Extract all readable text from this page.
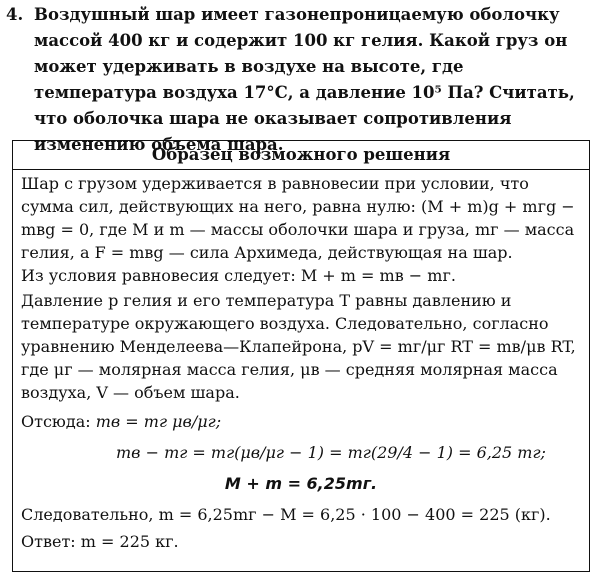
4. Воздушный шар имеет газонепроницаемую оболочку массой 400 кг и содержит 100 кг гелия. Какой груз он может удерживать в воздухе на высоте, где температура воздуха 17°С, а давление 10⁵ Па? Считать, что оболочка шара не оказывает сопротивления изменению объема шара.
Образец возможного решения

Шар с грузом удерживается в равновесии при условии, что сумма сил, действующих на него, равна нулю: (M + m)g + mгg − mвg = 0, где M и m — массы оболочки шара и груза, mг — масса гелия, а F = mвg — сила Архимеда, действующая на шар.

Из условия равновесия следует: M + m = mв − mг.

Давление p гелия и его температура T равны давлению и температуре окружающего воздуха. Следовательно, согласно уравнению Менделеева—Клапейрона, pV = mг/μг RT = mв/μв RT, где μг — молярная масса гелия, μв — средняя молярная масса воздуха, V — объем шара.

Отсюда: mв = mг μв/μг;

mв − mг = mг(μв/μг − 1) = mг(29/4 − 1) = 6,25 mг;

M + m = 6,25mг.

Следовательно, m = 6,25mг − M = 6,25 · 100 − 400 = 225 (кг).

Ответ: m = 225 кг.
